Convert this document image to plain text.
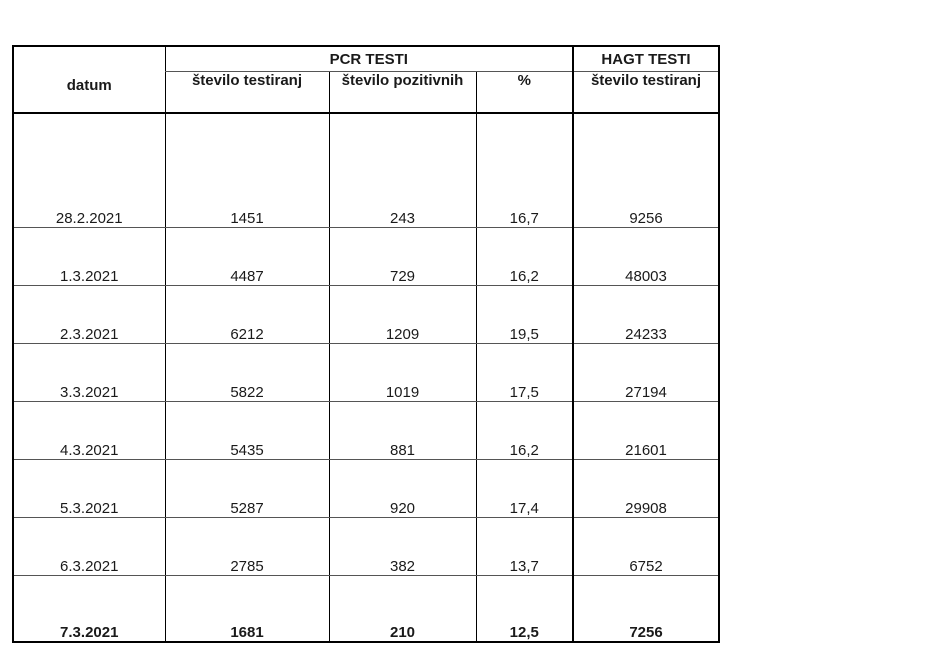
datum	PCR TESTI			HAGT TESTI
	število testiranj	število pozitivnih	%	število testiranj

28.2.2021	1451	243	16,7	9256
1.3.2021	4487	729	16,2	48003
2.3.2021	6212	1209	19,5	24233
3.3.2021	5822	1019	17,5	27194
4.3.2021	5435	881	16,2	21601
5.3.2021	5287	920	17,4	29908
6.3.2021	2785	382	13,7	6752
7.3.2021	1681	210	12,5	7256
